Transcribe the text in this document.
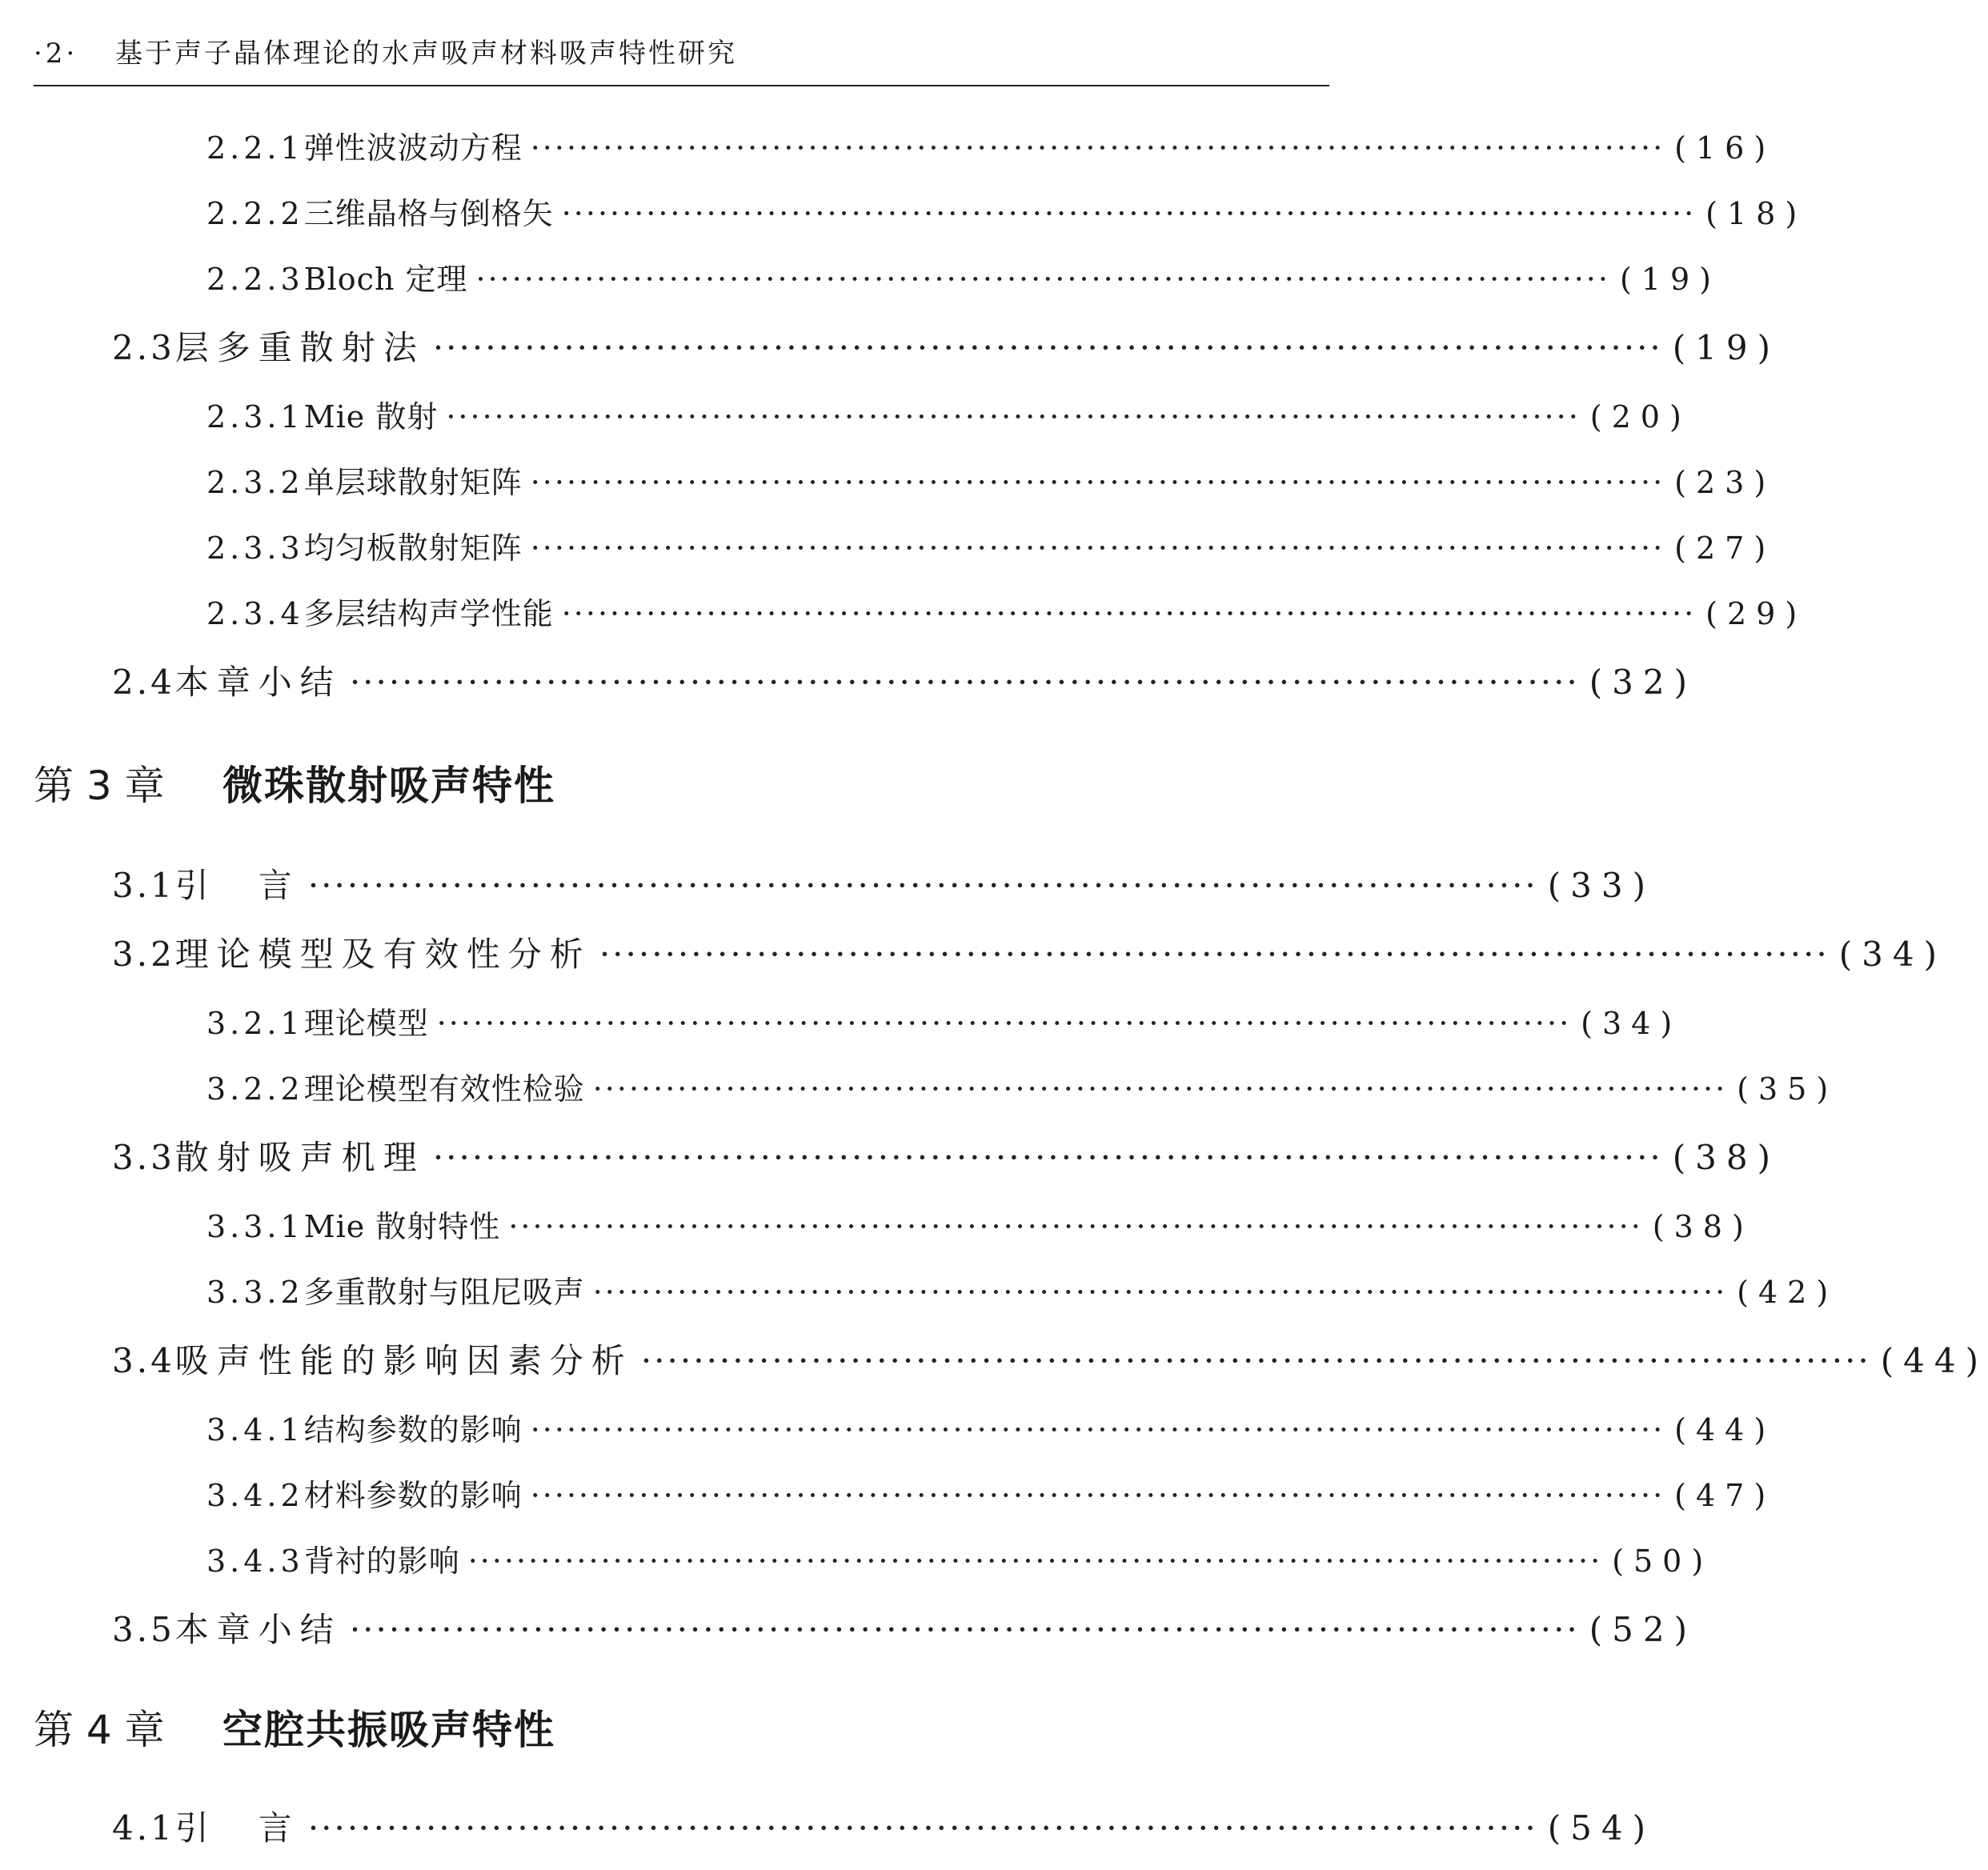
·2· 基于声子晶体理论的水声吸声材料吸声特性研究
2.2.1 弹性波波动方程 ······························································································ (16)
2.2.2 三维晶格与倒格矢 ······························································································ (18)
2.2.3 Bloch 定理 ······························································································ (19)
2.3 层多重散射法 ······························································································ (19)
2.3.1 Mie 散射 ······························································································ (20)
2.3.2 单层球散射矩阵 ······························································································ (23)
2.3.3 均匀板散射矩阵 ······························································································ (27)
2.3.4 多层结构声学性能 ······························································································ (29)
2.4 本章小结 ······························································································ (32)
第 3 章 微珠散射吸声特性
3.1 引　言 ······························································································ (33)
3.2 理论模型及有效性分析 ······························································································ (34)
3.2.1 理论模型 ······························································································ (34)
3.2.2 理论模型有效性检验 ······························································································ (35)
3.3 散射吸声机理 ······························································································ (38)
3.3.1 Mie 散射特性 ······························································································ (38)
3.3.2 多重散射与阻尼吸声 ······························································································ (42)
3.4 吸声性能的影响因素分析 ······························································································ (44)
3.4.1 结构参数的影响 ······························································································ (44)
3.4.2 材料参数的影响 ······························································································ (47)
3.4.3 背衬的影响 ······························································································ (50)
3.5 本章小结 ······························································································ (52)
第 4 章 空腔共振吸声特性
4.1 引　言 ······························································································ (54)
